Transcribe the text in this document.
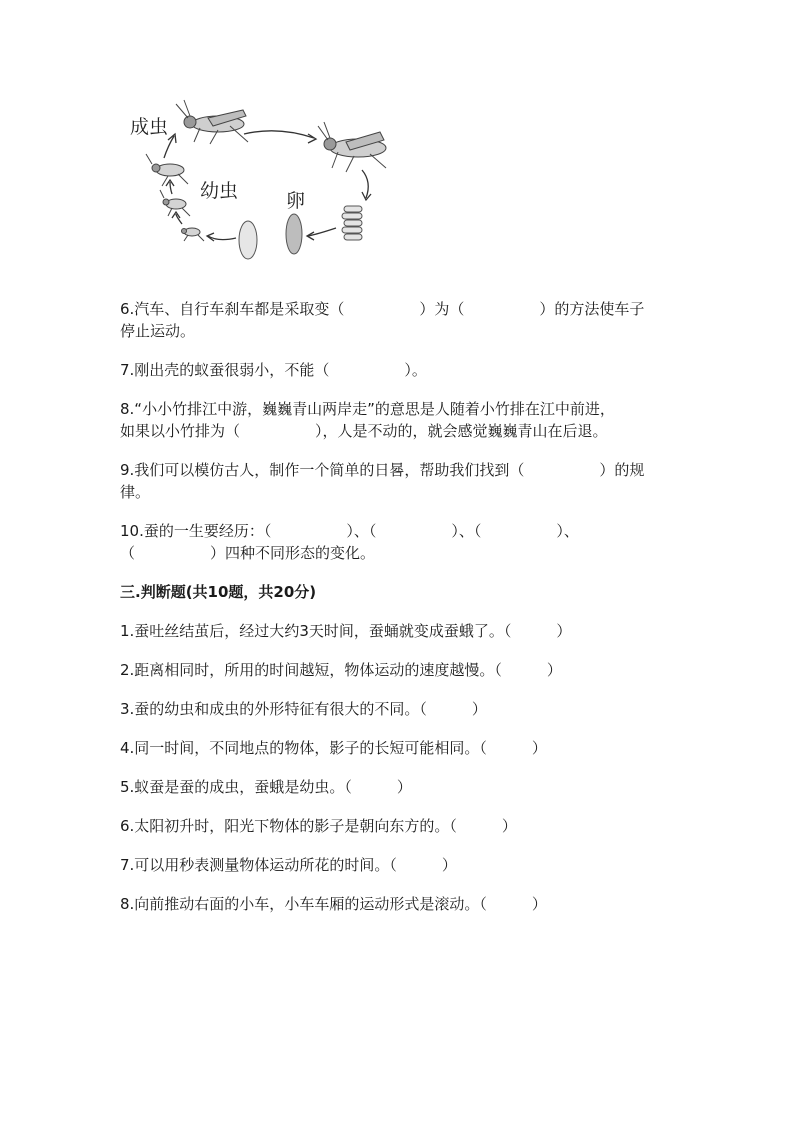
成虫
幼虫	卵
6.汽车、自行车刹车都是采取变（　　　　　）为（　　　　　）的方法使车子
停止运动。
7.刚出壳的蚁蚕很弱小，不能（　　　　　）。
8.“小小竹排江中游，巍巍青山两岸走”的意思是人随着小竹排在江中前进，
如果以小竹排为（　　　　　），人是不动的，就会感觉巍巍青山在后退。
9.我们可以模仿古人，制作一个简单的日晷，帮助我们找到（　　　　　）的规
律。
10.蚕的一生要经历：（　　　　　）、（　　　　　）、（　　　　　）、
（　　　　　）四种不同形态的变化。
三.判断题(共10题，共20分)
1.蚕吐丝结茧后，经过大约3天时间，蚕蛹就变成蚕蛾了。（　　　）
2.距离相同时，所用的时间越短，物体运动的速度越慢。（　　　）
3.蚕的幼虫和成虫的外形特征有很大的不同。（　　　）
4.同一时间，不同地点的物体，影子的长短可能相同。（　　　）
5.蚁蚕是蚕的成虫，蚕蛾是幼虫。（　　　）
6.太阳初升时，阳光下物体的影子是朝向东方的。（　　　）
7.可以用秒表测量物体运动所花的时间。（　　　）
8.向前推动右面的小车，小车车厢的运动形式是滚动。（　　　）
